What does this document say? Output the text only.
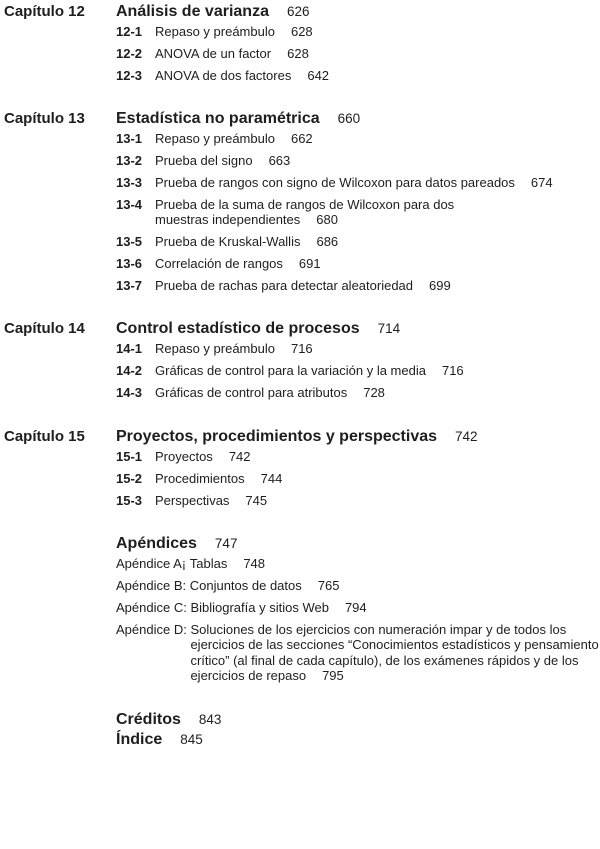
Capítulo 12 Análisis de varianza 626
12-1 Repaso y preámbulo 628
12-2 ANOVA de un factor 628
12-3 ANOVA de dos factores 642
Capítulo 13 Estadística no paramétrica 660
13-1 Repaso y preámbulo 662
13-2 Prueba del signo 663
13-3 Prueba de rangos con signo de Wilcoxon para datos pareados 674
13-4 Prueba de la suma de rangos de Wilcoxon para dos muestras independientes 680
13-5 Prueba de Kruskal-Wallis 686
13-6 Correlación de rangos 691
13-7 Prueba de rachas para detectar aleatoriedad 699
Capítulo 14 Control estadístico de procesos 714
14-1 Repaso y preámbulo 716
14-2 Gráficas de control para la variación y la media 716
14-3 Gráficas de control para atributos 728
Capítulo 15 Proyectos, procedimientos y perspectivas 742
15-1 Proyectos 742
15-2 Procedimientos 744
15-3 Perspectivas 745
Apéndices 747
Apéndice A¡
Tablas 748
Apéndice B:
Conjuntos de datos 765
Apéndice C:
Bibliografía y sitios Web 794
Apéndice D:
Soluciones de los ejercicios con numeración impar y de todos los ejercicios de las secciones “Conocimientos estadísticos y pensamiento crítico” (al final de cada capítulo), de los exámenes rápidos y de los ejercicios de repaso 795
Créditos 843
Índice 845
